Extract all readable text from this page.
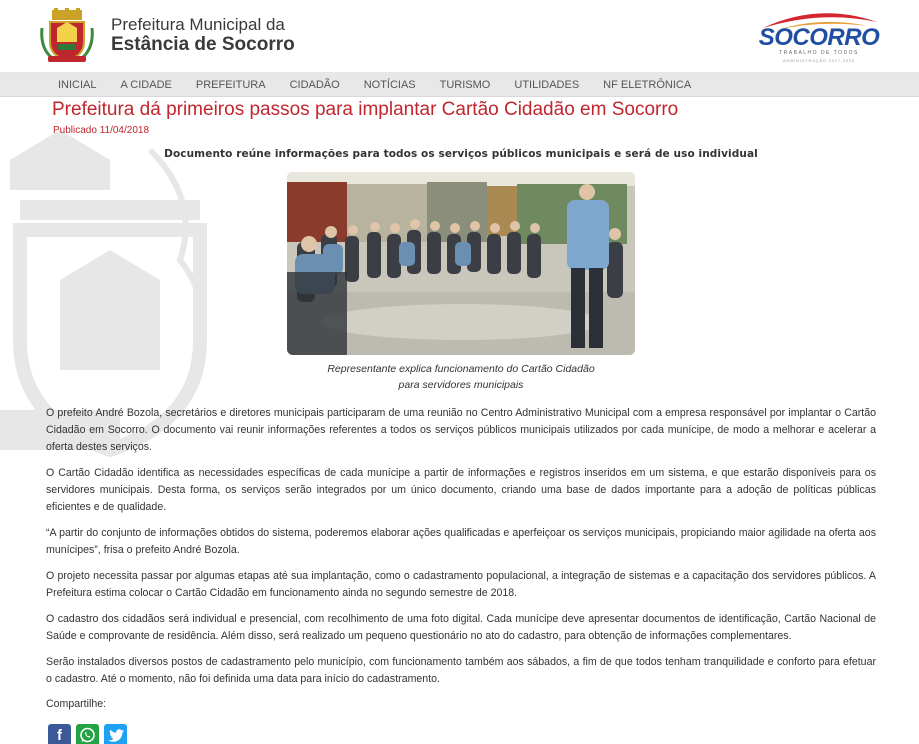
Prefeitura Municipal da
Estância de Socorro	SOCORRO
TRABALHO DE TODOS
ADMINISTRAÇÃO 2017-2020
INICIAL	A CIDADE	PREFEITURA	CIDADÃO	NOTÍCIAS	TURISMO	UTILIDADES	NF ELETRÔNICA
Prefeitura dá primeiros passos para implantar Cartão Cidadão em Socorro
Publicado 11/04/2018
Documento reúne informações para todos os serviços públicos municipais e será de uso individual
Representante explica funcionamento do Cartão Cidadão
para servidores municipais

O prefeito André Bozola, secretários e diretores municipais participaram de uma reunião no Centro Administrativo Municipal com a empresa responsável por implantar o Cartão Cidadão em Socorro. O documento vai reunir informações referentes a todos os serviços públicos municipais utilizados por cada munícipe, de modo a melhorar e acelerar a oferta destes serviços.

O Cartão Cidadão identifica as necessidades específicas de cada munícipe a partir de informações e registros inseridos em um sistema, e que estarão disponíveis para os servidores municipais. Desta forma, os serviços serão integrados por um único documento, criando uma base de dados importante para a adoção de políticas públicas eficientes e de qualidade.

“A partir do conjunto de informações obtidos do sistema, poderemos elaborar ações qualificadas e aperfeiçoar os serviços municipais, propiciando maior agilidade na oferta aos munícipes”, frisa o prefeito André Bozola.

O projeto necessita passar por algumas etapas até sua implantação, como o cadastramento populacional, a integração de sistemas e a capacitação dos servidores públicos. A Prefeitura estima colocar o Cartão Cidadão em funcionamento ainda no segundo semestre de 2018.

O cadastro dos cidadãos será individual e presencial, com recolhimento de uma foto digital. Cada munícipe deve apresentar documentos de identificação, Cartão Nacional de Saúde e comprovante de residência. Além disso, será realizado um pequeno questionário no ato do cadastro, para obtenção de informações complementares.

Serão instalados diversos postos de cadastramento pelo município, com funcionamento também aos sábados, a fim de que todos tenham tranquilidade e conforto para efetuar o cadastro. Até o momento, não foi definida uma data para início do cadastramento.

Compartilhe:
f
